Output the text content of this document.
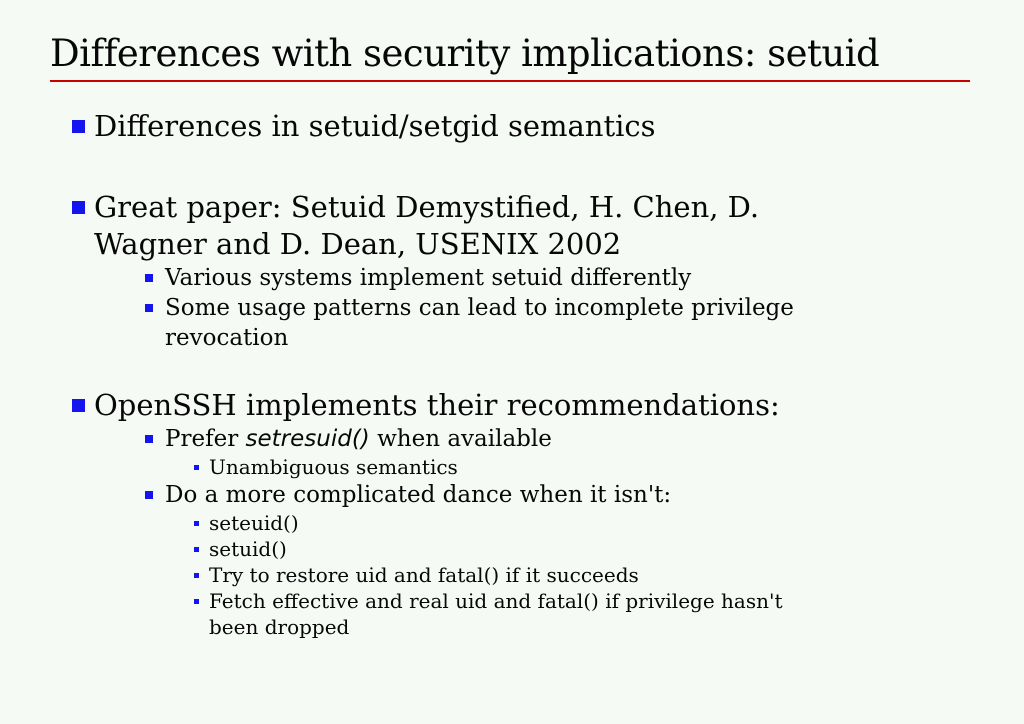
Differences with security implications: setuid
Differences in setuid/setgid semantics
Great paper: Setuid Demystified, H. Chen, D.
Wagner and D. Dean, USENIX 2002
Various systems implement setuid differently
Some usage patterns can lead to incomplete privilege
revocation
OpenSSH implements their recommendations:
Prefer setresuid() when available
Unambiguous semantics
Do a more complicated dance when it isn't:
seteuid()
setuid()
Try to restore uid and fatal() if it succeeds
Fetch effective and real uid and fatal() if privilege hasn't
been dropped
